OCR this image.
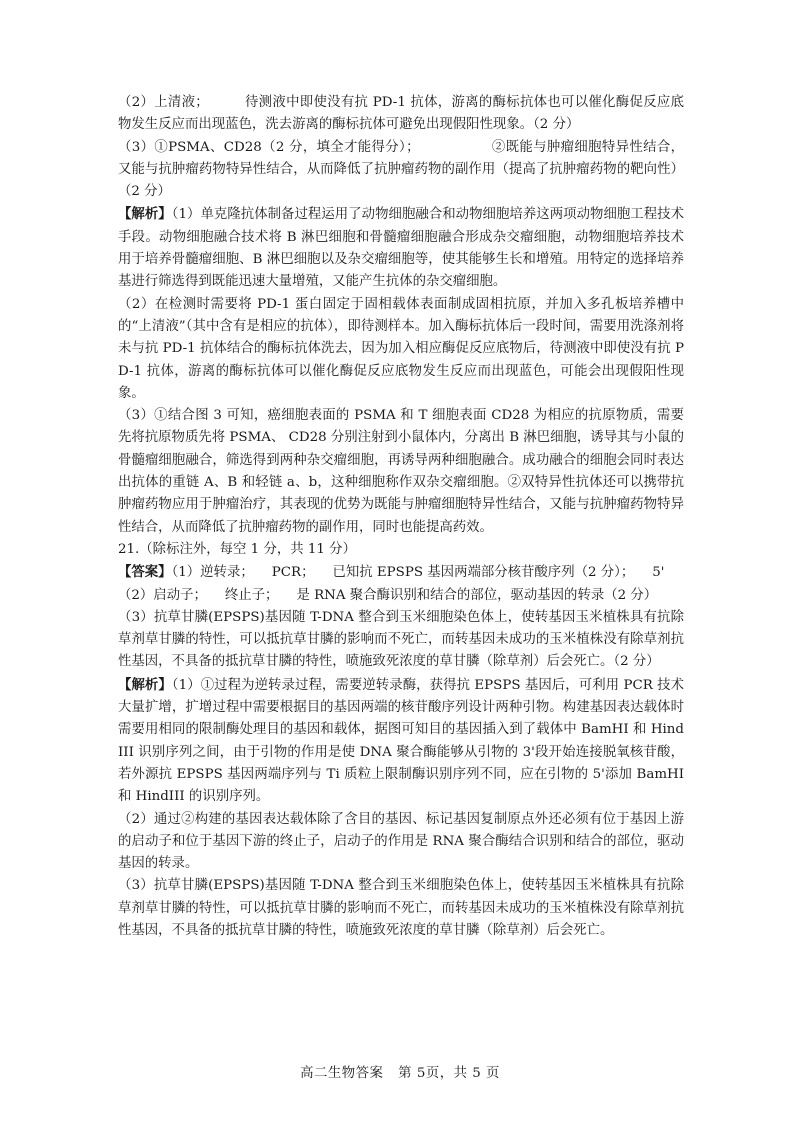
（2）上清液；	待测液中即使没有抗 PD-1 抗体，游离的酶标抗体也可以催化酶促反应底物发生反应而出现蓝色，洗去游离的酶标抗体可避免出现假阳性现象。（2 分）

（3）①PSMA、CD28（2 分，填全才能得分）；	②既能与肿瘤细胞特异性结合，又能与抗肿瘤药物特异性结合，从而降低了抗肿瘤药物的副作用（提高了抗肿瘤药物的靶向性）（2 分）

【解析】（1）单克隆抗体制备过程运用了动物细胞融合和动物细胞培养这两项动物细胞工程技术手段。动物细胞融合技术将 B 淋巴细胞和骨髓瘤细胞融合形成杂交瘤细胞，动物细胞培养技术用于培养骨髓瘤细胞、B 淋巴细胞以及杂交瘤细胞等，使其能够生长和增殖。用特定的选择培养基进行筛选得到既能迅速大量增殖，又能产生抗体的杂交瘤细胞。

（2）在检测时需要将 PD-1 蛋白固定于固相载体表面制成固相抗原，并加入多孔板培养槽中的“上清液”（其中含有是相应的抗体），即待测样本。加入酶标抗体后一段时间，需要用洗涤剂将未与抗 PD-1 抗体结合的酶标抗体洗去，因为加入相应酶促反应底物后，待测液中即使没有抗 PD-1 抗体，游离的酶标抗体可以催化酶促反应底物发生反应而出现蓝色，可能会出现假阳性现象。

（3）①结合图 3 可知，癌细胞表面的 PSMA 和 T 细胞表面 CD28 为相应的抗原物质，需要先将抗原物质先将 PSMA、 CD28 分别注射到小鼠体内，分离出 B 淋巴细胞，诱导其与小鼠的骨髓瘤细胞融合，筛选得到两种杂交瘤细胞，再诱导两种细胞融合。成功融合的细胞会同时表达出抗体的重链 A、B 和轻链 a、b，这种细胞称作双杂交瘤细胞。②双特异性抗体还可以携带抗肿瘤药物应用于肿瘤治疗，其表现的优势为既能与肿瘤细胞特异性结合，又能与抗肿瘤药物特异性结合，从而降低了抗肿瘤药物的副作用，同时也能提高药效。

21.（除标注外，每空 1 分，共 11 分）

【答案】（1）逆转录； PCR； 已知抗 EPSPS 基因两端部分核苷酸序列（2 分）； 5'

（2）启动子； 终止子； 是 RNA 聚合酶识别和结合的部位，驱动基因的转录（2 分）

（3）抗草甘膦(EPSPS)基因随 T-DNA 整合到玉米细胞染色体上，使转基因玉米植株具有抗除草剂草甘膦的特性，可以抵抗草甘膦的影响而不死亡，而转基因未成功的玉米植株没有除草剂抗性基因，不具备的抵抗草甘膦的特性，喷施致死浓度的草甘膦（除草剂）后会死亡。（2 分）

【解析】（1）①过程为逆转录过程，需要逆转录酶，获得抗 EPSPS 基因后，可利用 PCR 技术大量扩增，扩增过程中需要根据目的基因两端的核苷酸序列设计两种引物。构建基因表达载体时需要用相同的限制酶处理目的基因和载体，据图可知目的基因插入到了载体中 BamHI 和 HindIII 识别序列之间，由于引物的作用是使 DNA 聚合酶能够从引物的 3'段开始连接脱氧核苷酸，若外源抗 EPSPS 基因两端序列与 Ti 质粒上限制酶识别序列不同，应在引物的 5'添加 BamHI 和 HindIII 的识别序列。

（2）通过②构建的基因表达载体除了含目的基因、标记基因复制原点外还必须有位于基因上游的启动子和位于基因下游的终止子，启动子的作用是 RNA 聚合酶结合识别和结合的部位，驱动基因的转录。

（3）抗草甘膦(EPSPS)基因随 T-DNA 整合到玉米细胞染色体上，使转基因玉米植株具有抗除草剂草甘膦的特性，可以抵抗草甘膦的影响而不死亡，而转基因未成功的玉米植株没有除草剂抗性基因，不具备的抵抗草甘膦的特性，喷施致死浓度的草甘膦（除草剂）后会死亡。

高二生物答案 第 5页，共 5 页
